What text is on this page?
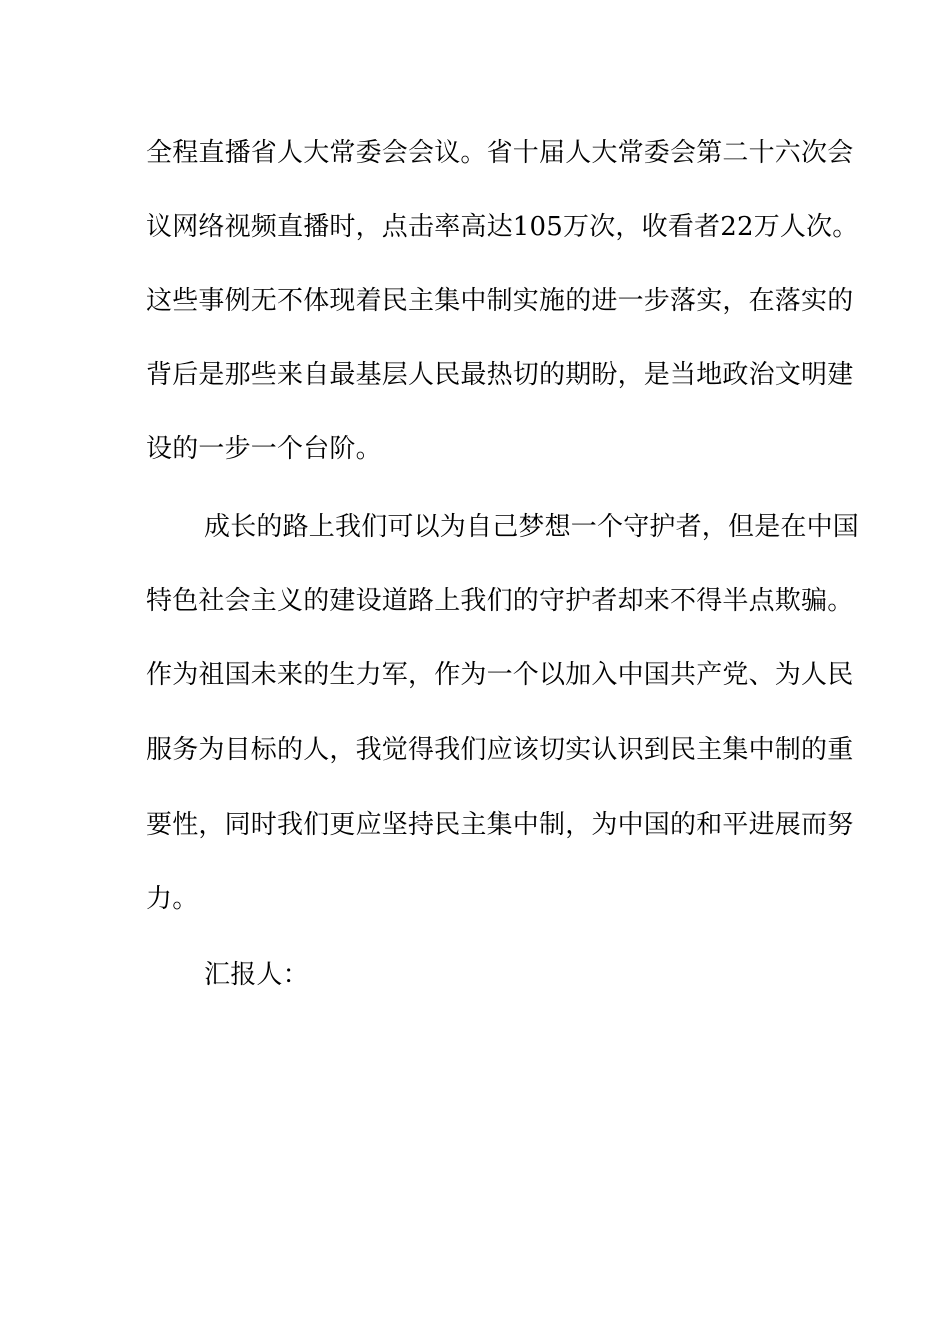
全程直播省人大常委会会议。省十届人大常委会第二十六次会
议网络视频直播时，点击率高达105万次，收看者22万人次。
这些事例无不体现着民主集中制实施的进一步落实，在落实的
背后是那些来自最基层人民最热切的期盼，是当地政治文明建
设的一步一个台阶。
成长的路上我们可以为自己梦想一个守护者，但是在中国
特色社会主义的建设道路上我们的守护者却来不得半点欺骗。
作为祖国未来的生力军，作为一个以加入中国共产党、为人民
服务为目标的人，我觉得我们应该切实认识到民主集中制的重
要性，同时我们更应坚持民主集中制，为中国的和平进展而努
力。
汇报人：
